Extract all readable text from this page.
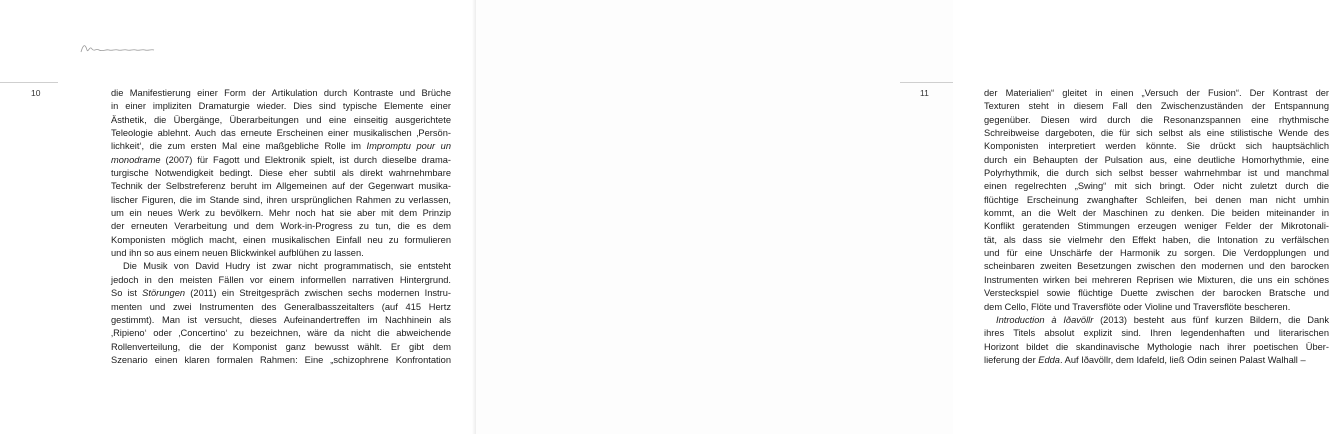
10	die Manifestierung einer Form der Artikulation durch Kontraste und Brüche
in einer impliziten Dramaturgie wieder. Dies sind typische Elemente einer
Ästhetik, die Übergänge, Überarbeitungen und eine einseitig ausgerichtete
Teleologie ablehnt. Auch das erneute Erscheinen einer musikalischen ‚Persön-
lichkeit‘, die zum ersten Mal eine maßgebliche Rolle im Impromptu pour un
monodrame (2007) für Fagott und Elektronik spielt, ist durch dieselbe drama-
turgische Notwendigkeit bedingt. Diese eher subtil als direkt wahrnehmbare
Technik der Selbstreferenz beruht im Allgemeinen auf der Gegenwart musika-
lischer Figuren, die im Stande sind, ihren ursprünglichen Rahmen zu verlassen,
um ein neues Werk zu bevölkern. Mehr noch hat sie aber mit dem Prinzip
der erneuten Verarbeitung und dem Work-in-Progress zu tun, die es dem
Komponisten möglich macht, einen musikalischen Einfall neu zu formulieren
und ihn so aus einem neuen Blickwinkel aufblühen zu lassen.
Die Musik von David Hudry ist zwar nicht programmatisch, sie entsteht
jedoch in den meisten Fällen vor einem informellen narrativen Hintergrund.
So ist Störungen (2011) ein Streitgespräch zwischen sechs modernen Instru-
menten und zwei Instrumenten des Generalbasszeitalters (auf 415 Hertz
gestimmt). Man ist versucht, dieses Aufeinandertreffen im Nachhinein als
‚Ripieno‘ oder ‚Concertino‘ zu bezeichnen, wäre da nicht die abweichende
Rollenverteilung, die der Komponist ganz bewusst wählt. Er gibt dem
Szenario einen klaren formalen Rahmen: Eine „schizophrene Konfrontation
der Materialien“ gleitet in einen „Versuch der Fusion“. Der Kontrast der
Texturen steht in diesem Fall den Zwischenzuständen der Entspannung
gegenüber. Diesen wird durch die Resonanzspannen eine rhythmische
Schreibweise dargeboten, die für sich selbst als eine stilistische Wende des
Komponisten interpretiert werden könnte. Sie drückt sich hauptsächlich
durch ein Behaupten der Pulsation aus, eine deutliche Homorhythmie, eine
Polyrhythmik, die durch sich selbst besser wahrnehmbar ist und manchmal
einen regelrechten „Swing“ mit sich bringt. Oder nicht zuletzt durch die
flüchtige Erscheinung zwanghafter Schleifen, bei denen man nicht umhin
kommt, an die Welt der Maschinen zu denken. Die beiden miteinander in
Konflikt geratenden Stimmungen erzeugen weniger Felder der Mikrotonali-
tät, als dass sie vielmehr den Effekt haben, die Intonation zu verfälschen
und für eine Unschärfe der Harmonik zu sorgen. Die Verdopplungen und
scheinbaren zweiten Besetzungen zwischen den modernen und den barocken
Instrumenten wirken bei mehreren Reprisen wie Mixturen, die uns ein schönes
Versteckspiel sowie flüchtige Duette zwischen der barocken Bratsche und
dem Cello, Flöte und Traversflöte oder Violine und Traversflöte bescheren.
Introduction à Iðavöllr (2013) besteht aus fünf kurzen Bildern, die Dank
ihres Titels absolut explizit sind. Ihren legendenhaften und literarischen
Horizont bildet die skandinavische Mythologie nach ihrer poetischen Über-
lieferung der Edda. Auf Iðavöllr, dem Idafeld, ließ Odin seinen Palast Walhall –
11
